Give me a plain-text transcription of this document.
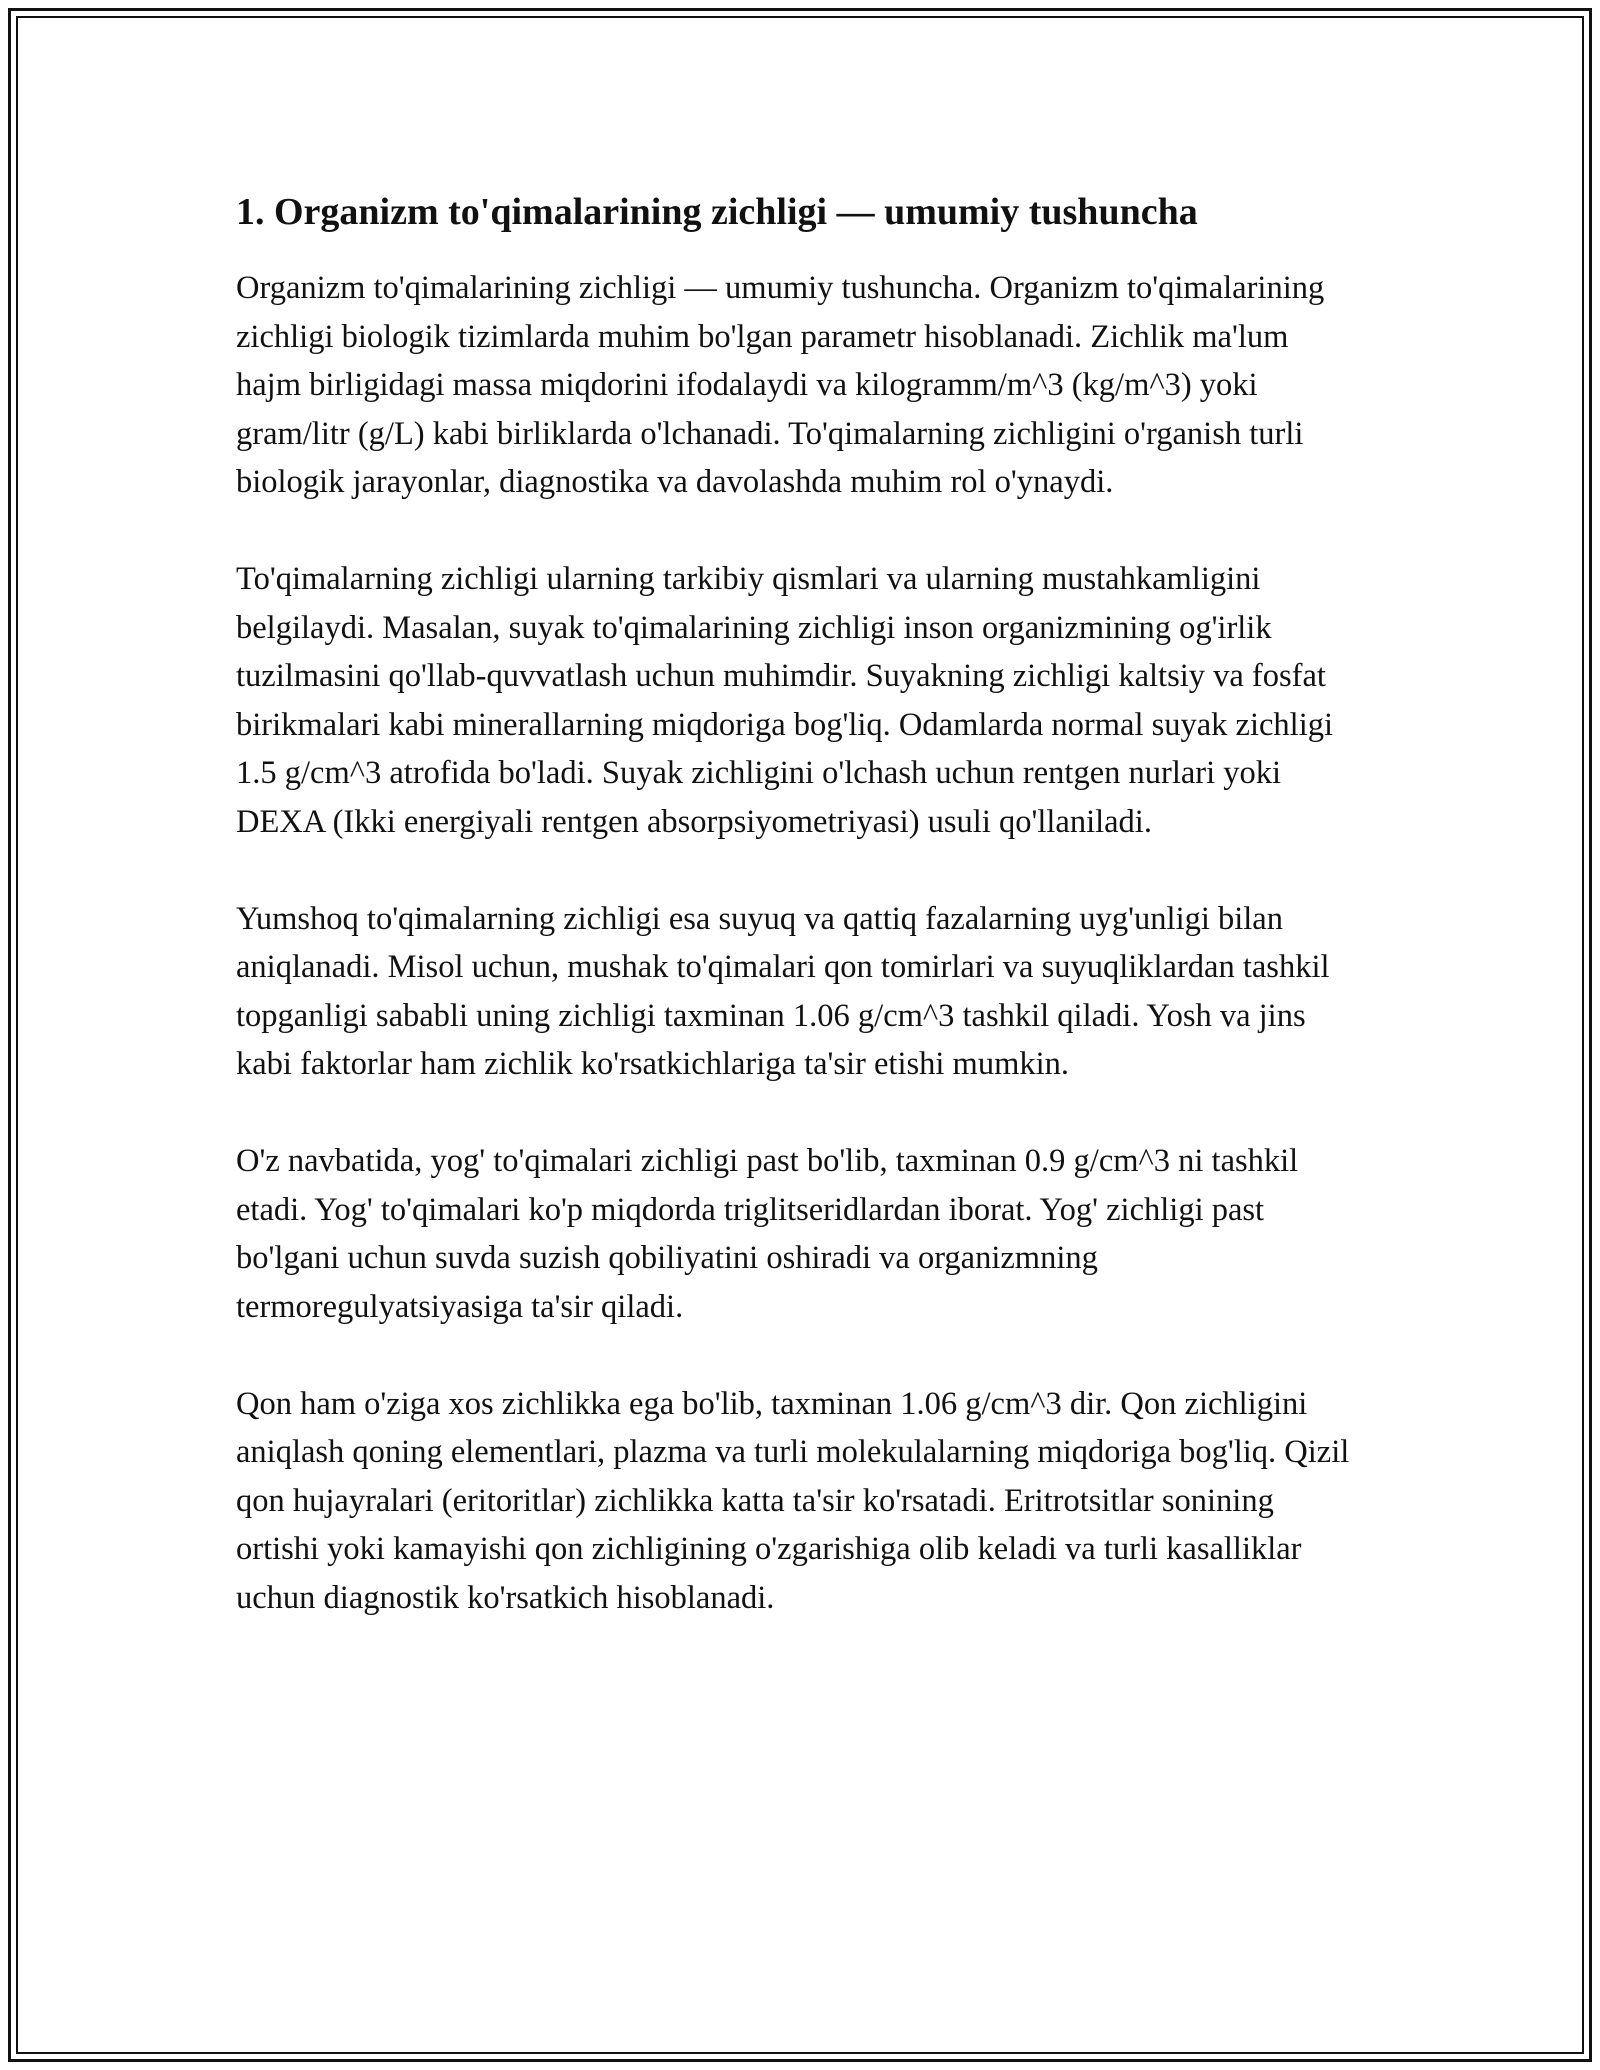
1. Organizm to'qimalarining zichligi — umumiy tushuncha

Organizm to'qimalarining zichligi — umumiy tushuncha. Organizm to'qimalarining zichligi biologik tizimlarda muhim bo'lgan parametr hisoblanadi. Zichlik ma'lum hajm birligidagi massa miqdorini ifodalaydi va kilogramm/m^3 (kg/m^3) yoki gram/litr (g/L) kabi birliklarda o'lchanadi. To'qimalarning zichligini o'rganish turli biologik jarayonlar, diagnostika va davolashda muhim rol o'ynaydi.

To'qimalarning zichligi ularning tarkibiy qismlari va ularning mustahkamligini belgilaydi. Masalan, suyak to'qimalarining zichligi inson organizmining og'irlik tuzilmasini qo'llab-quvvatlash uchun muhimdir. Suyakning zichligi kaltsiy va fosfat birikmalari kabi minerallarning miqdoriga bog'liq. Odamlarda normal suyak zichligi 1.5 g/cm^3 atrofida bo'ladi. Suyak zichligini o'lchash uchun rentgen nurlari yoki DEXA (Ikki energiyali rentgen absorpsiyometriyasi) usuli qo'llaniladi.

Yumshoq to'qimalarning zichligi esa suyuq va qattiq fazalarning uyg'unligi bilan aniqlanadi. Misol uchun, mushak to'qimalari qon tomirlari va suyuqliklardan tashkil topganligi sababli uning zichligi taxminan 1.06 g/cm^3 tashkil qiladi. Yosh va jins kabi faktorlar ham zichlik ko'rsatkichlariga ta'sir etishi mumkin.

O'z navbatida, yog' to'qimalari zichligi past bo'lib, taxminan 0.9 g/cm^3 ni tashkil etadi. Yog' to'qimalari ko'p miqdorda triglitseridlardan iborat. Yog' zichligi past bo'lgani uchun suvda suzish qobiliyatini oshiradi va organizmning termoregulyatsiyasiga ta'sir qiladi.

Qon ham o'ziga xos zichlikka ega bo'lib, taxminan 1.06 g/cm^3 dir. Qon zichligini aniqlash qoning elementlari, plazma va turli molekulalarning miqdoriga bog'liq. Qizil qon hujayralari (eritoritlar) zichlikka katta ta'sir ko'rsatadi. Eritrotsitlar sonining ortishi yoki kamayishi qon zichligining o'zgarishiga olib keladi va turli kasalliklar uchun diagnostik ko'rsatkich hisoblanadi.
